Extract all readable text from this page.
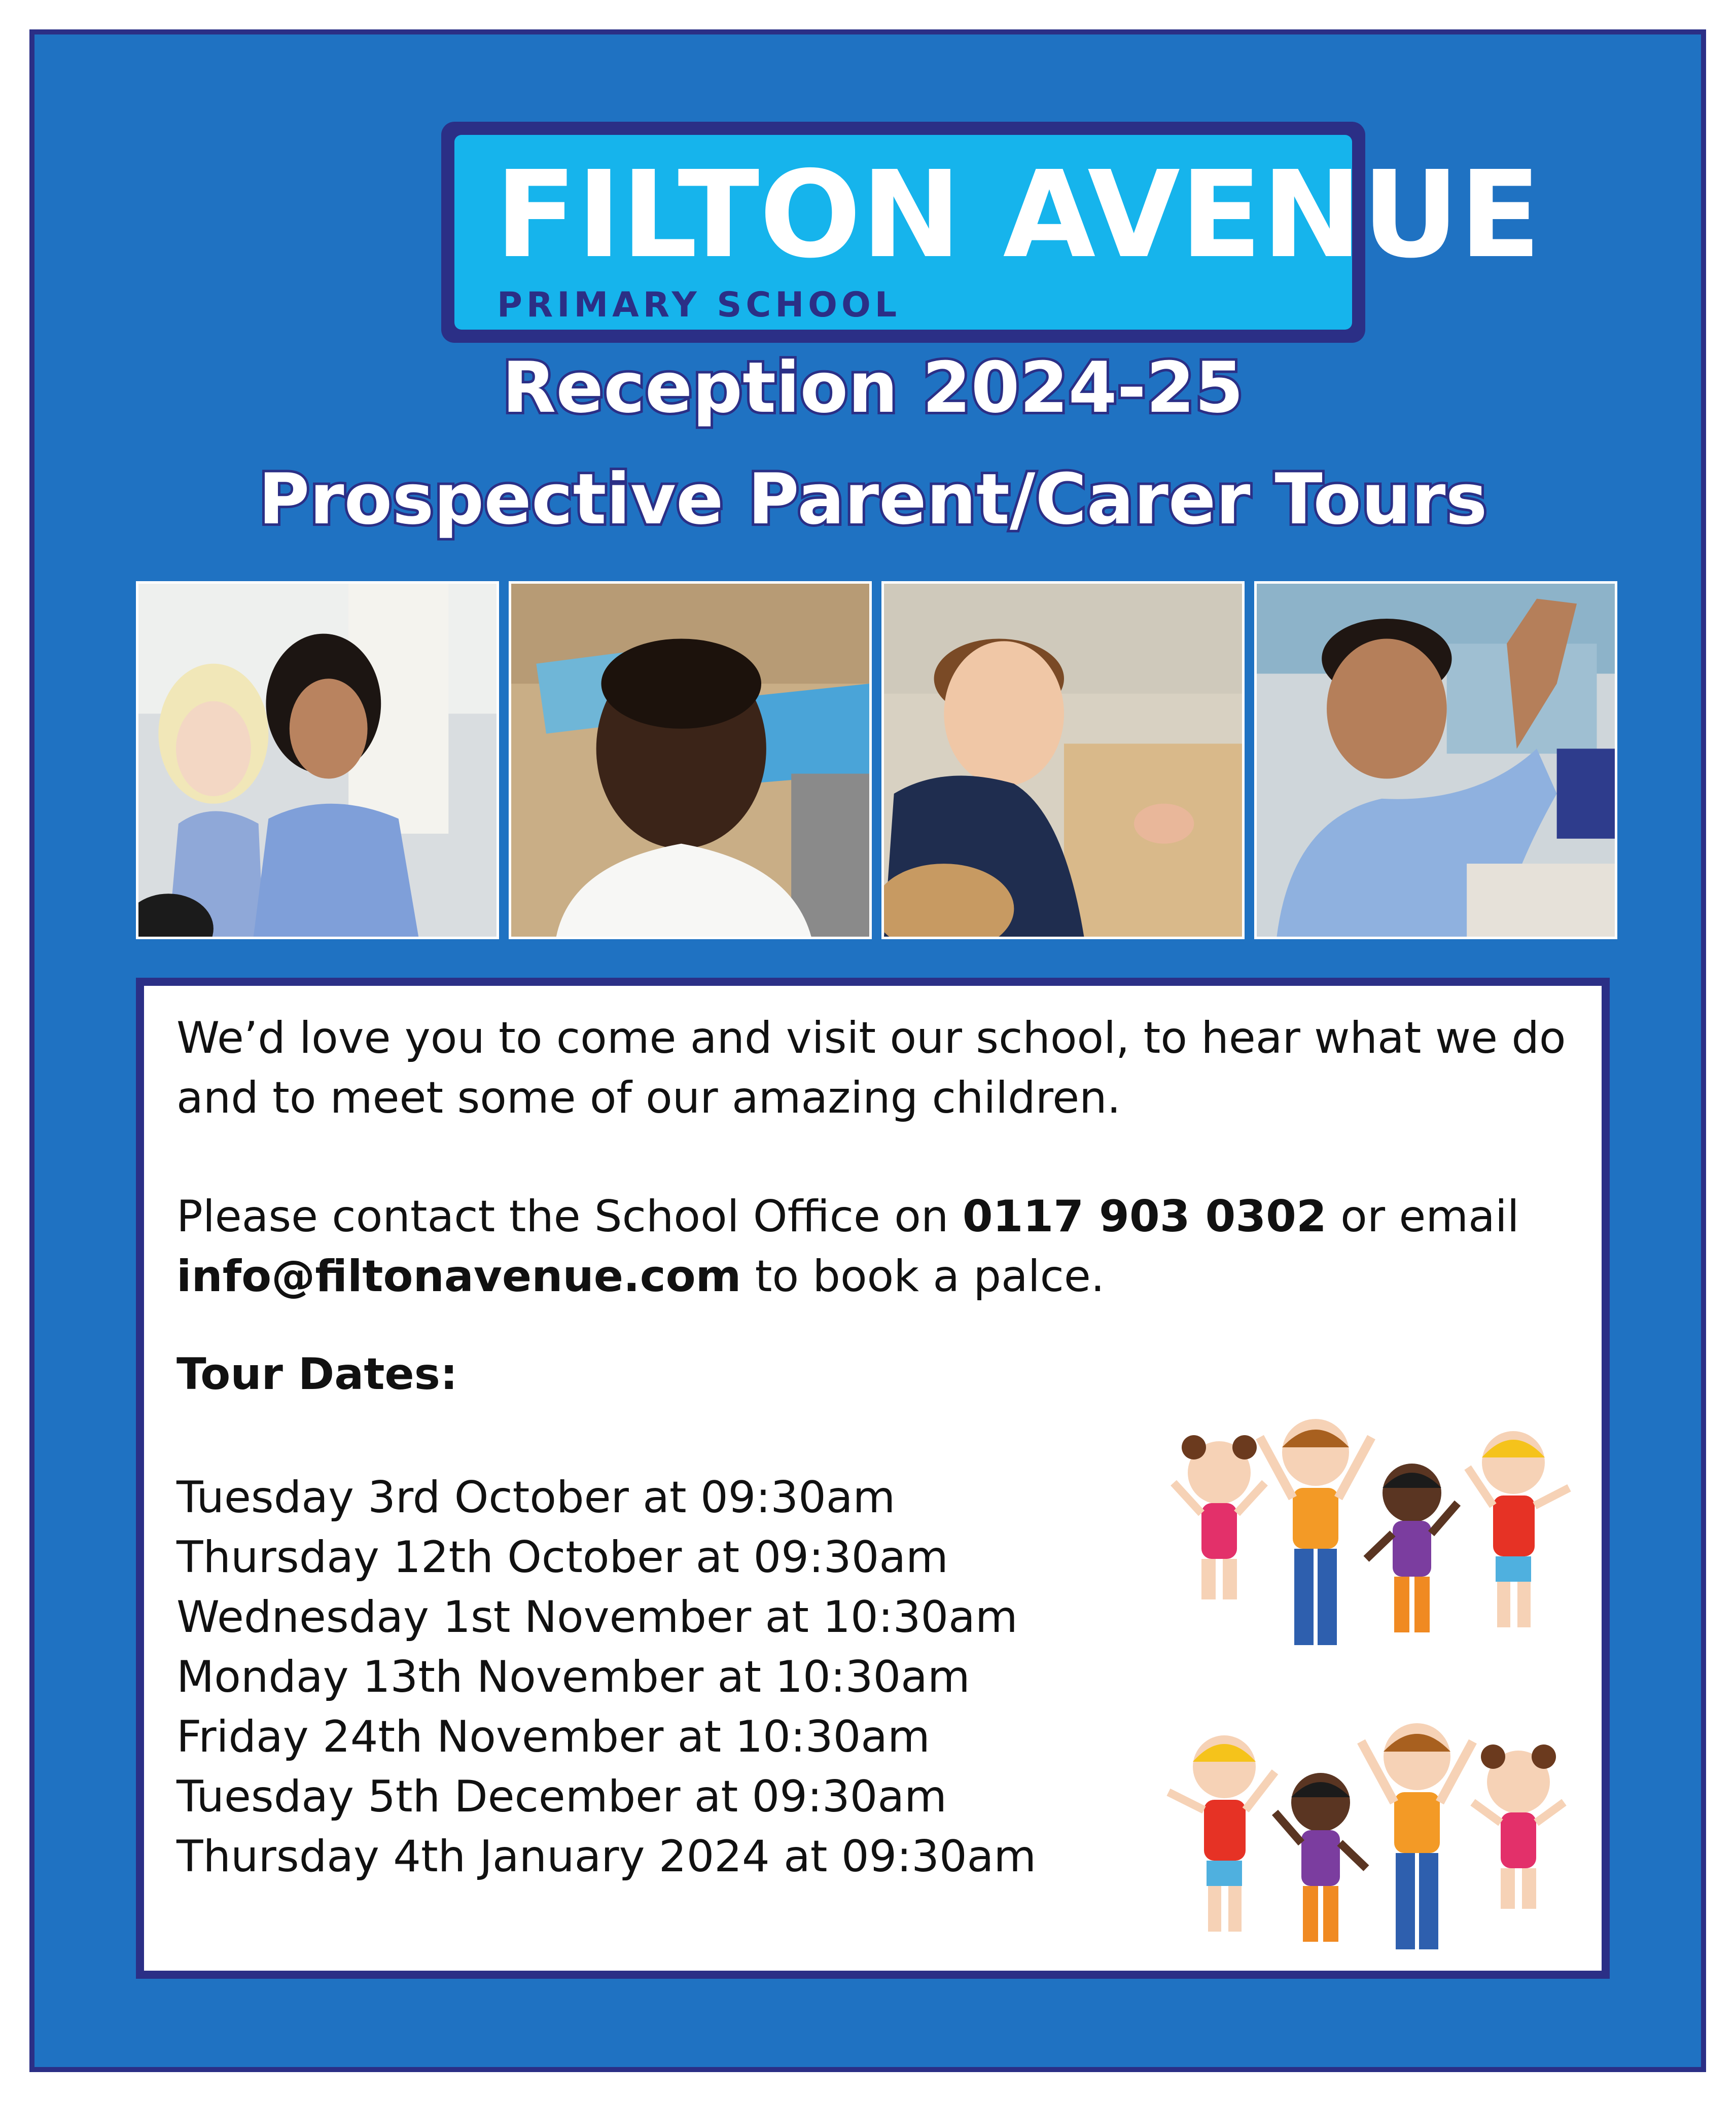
FILTON AVENUE
PRIMARY SCHOOL
Reception 2024-25
Prospective Parent/Carer Tours
We’d love you to come and visit our school, to hear what we do and to meet some of our amazing children.
Please contact the School Office on 0117 903 0302 or email info@filtonavenue.com to book a palce.
Tour Dates:
Tuesday 3rd October at 09:30am
Thursday 12th October at 09:30am
Wednesday 1st November at 10:30am
Monday 13th November at 10:30am
Friday 24th November at 10:30am
Tuesday 5th December at 09:30am
Thursday 4th January 2024 at 09:30am
